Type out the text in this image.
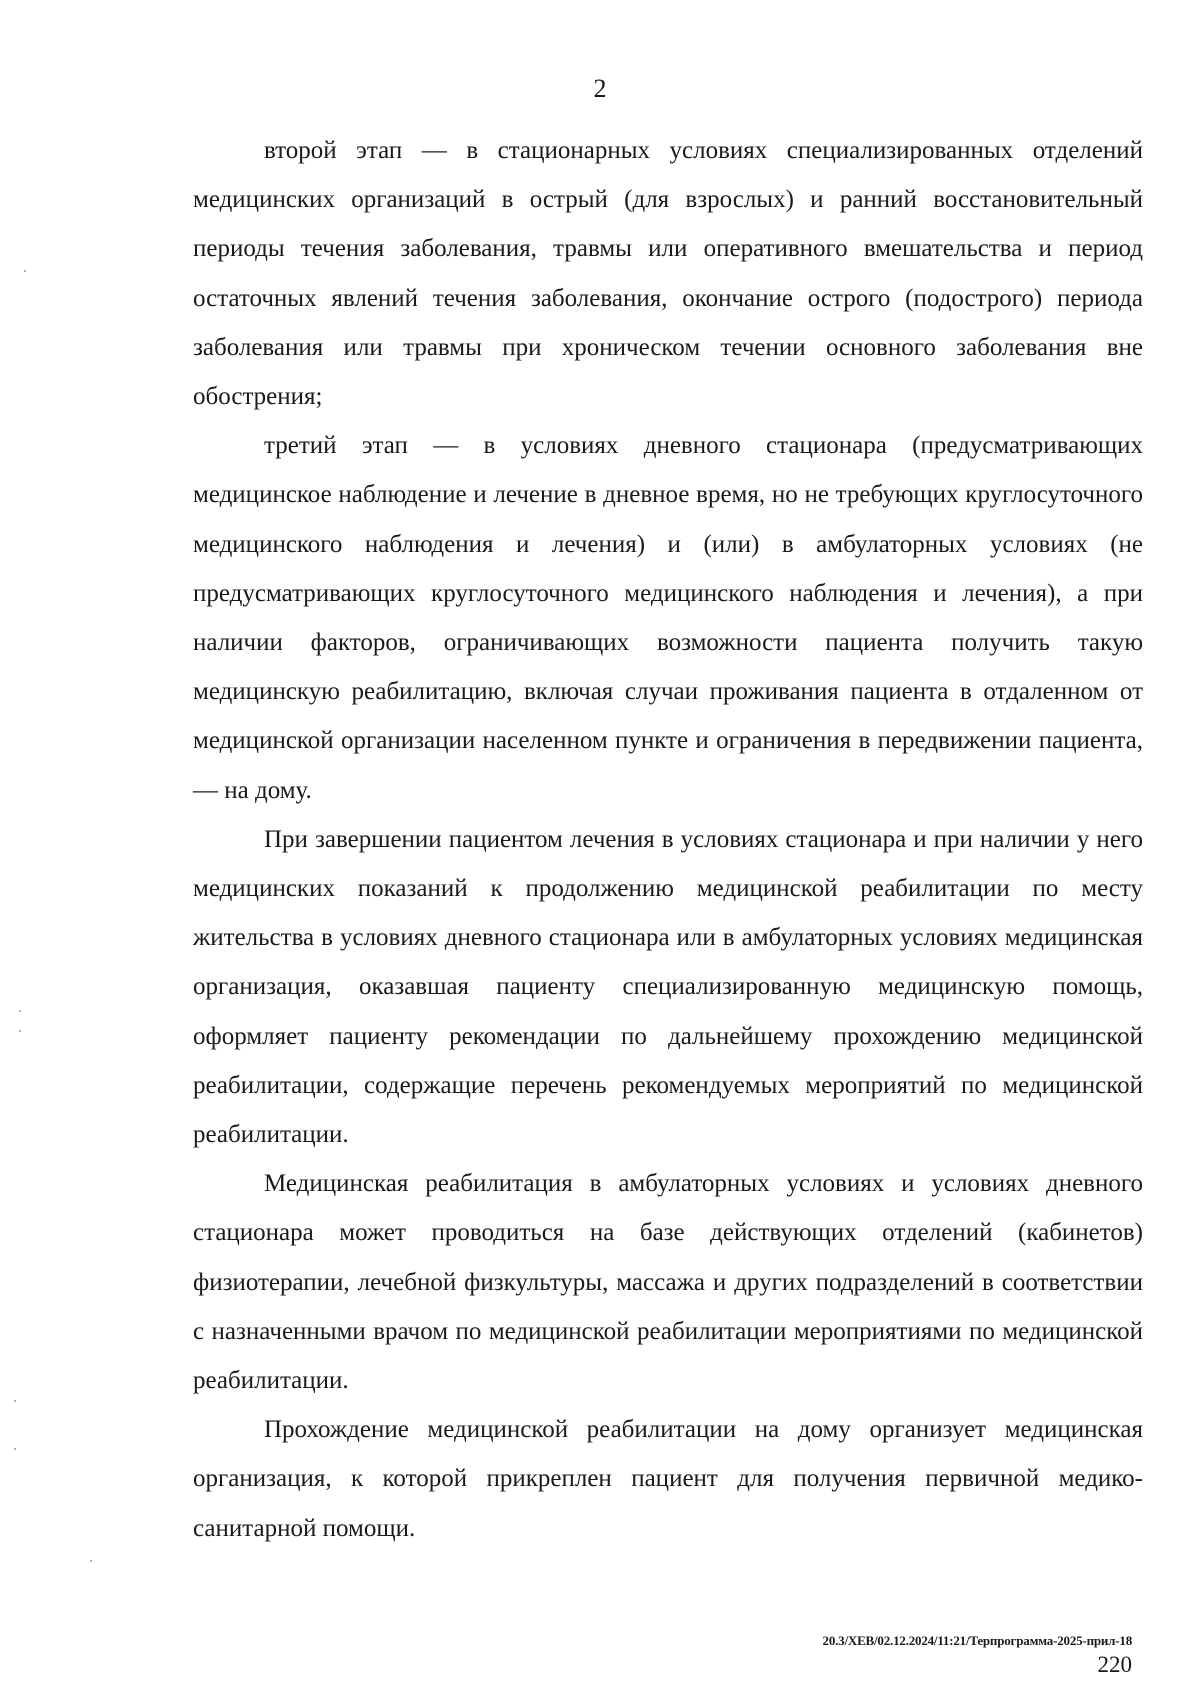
2

второй этап — в стационарных условиях специализированных отделений медицинских организаций в острый (для взрослых) и ранний восстановительный периоды течения заболевания, травмы или оперативного вмешательства и период остаточных явлений течения заболевания, окончание острого (подострого) периода заболевания или травмы при хроническом течении основного заболевания вне обострения;

третий этап — в условиях дневного стационара (предусматривающих медицинское наблюдение и лечение в дневное время, но не требующих круглосуточного медицинского наблюдения и лечения) и (или) в амбулаторных условиях (не предусматривающих круглосуточного медицинского наблюдения и лечения), а при наличии факторов, ограничивающих возможности пациента получить такую медицинскую реабилитацию, включая случаи проживания пациента в отдаленном от медицинской организации населенном пункте и ограничения в передвижении пациента, — на дому.

При завершении пациентом лечения в условиях стационара и при наличии у него медицинских показаний к продолжению медицинской реабилитации по месту жительства в условиях дневного стационара или в амбулаторных условиях медицинская организация, оказавшая пациенту специализированную медицинскую помощь, оформляет пациенту рекомендации по дальнейшему прохождению медицинской реабилитации, содержащие перечень рекомендуемых мероприятий по медицинской реабилитации.

Медицинская реабилитация в амбулаторных условиях и условиях дневного стационара может проводиться на базе действующих отделений (кабинетов) физиотерапии, лечебной физкультуры, массажа и других подразделений в соответствии с назначенными врачом по медицинской реабилитации мероприятиями по медицинской реабилитации.

Прохождение медицинской реабилитации на дому организует медицинская организация, к которой прикреплен пациент для получения первичной медико-санитарной помощи.

20.3/ХЕВ/02.12.2024/11:21/Терпрограмма-2025-прил-18
220
